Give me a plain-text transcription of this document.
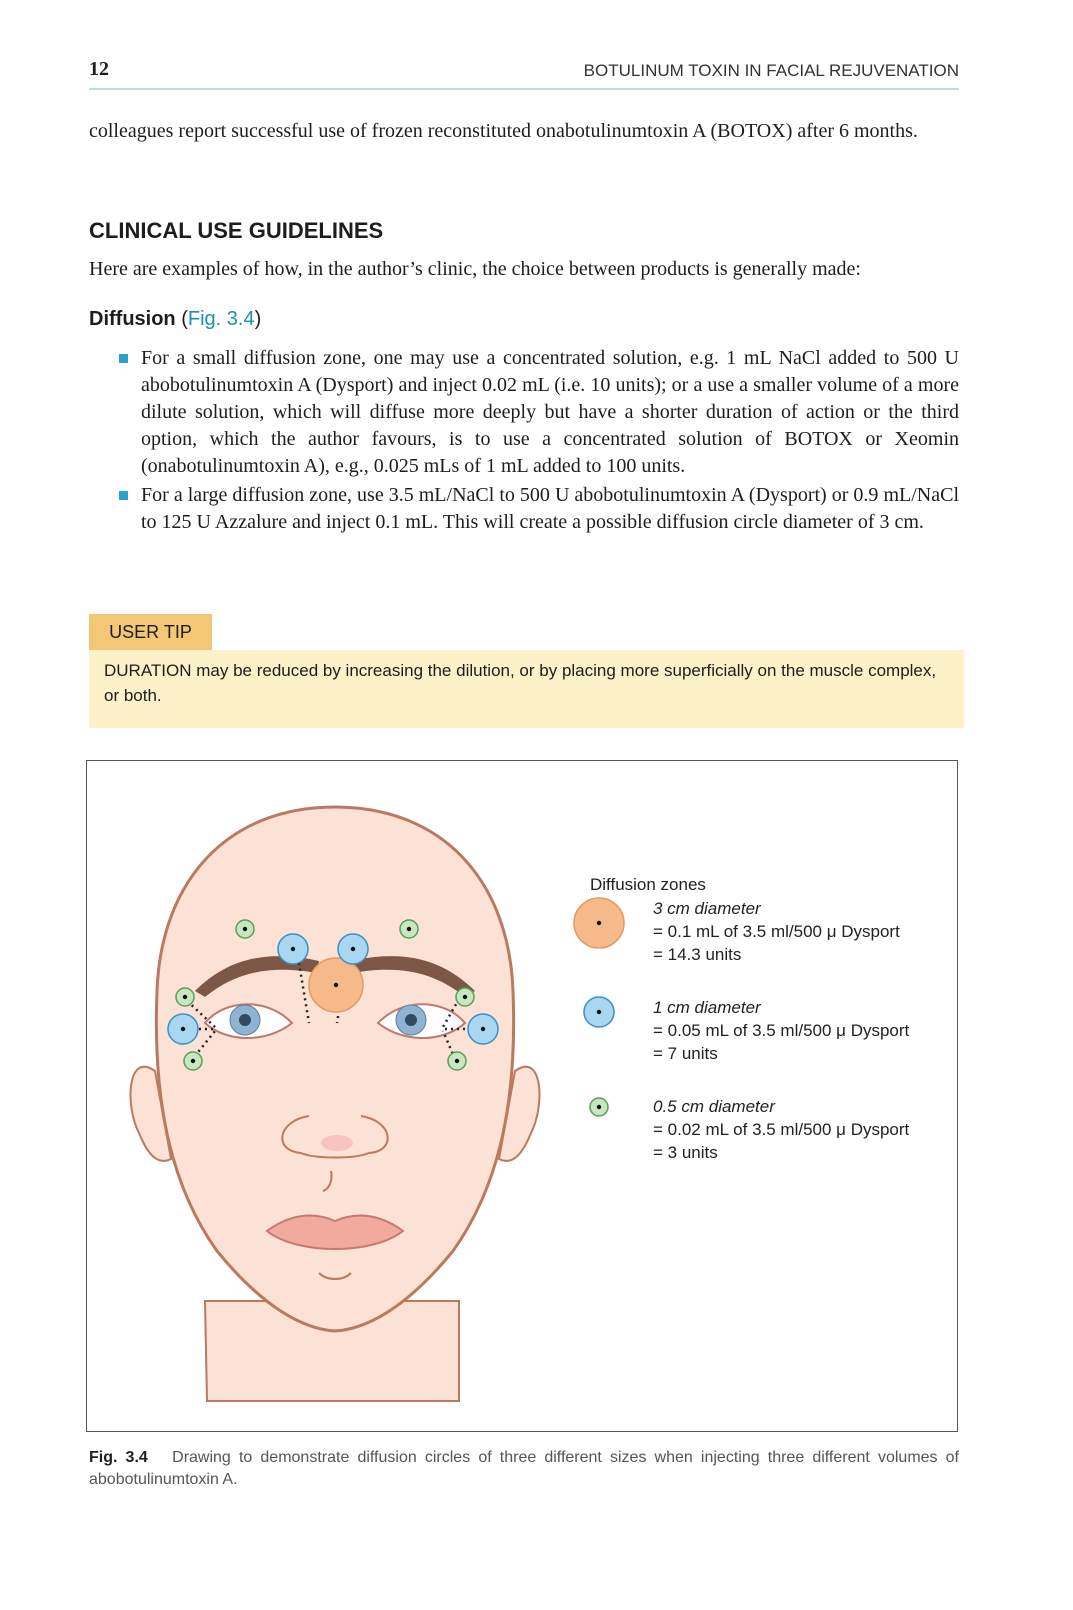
12	BOTULINUM TOXIN IN FACIAL REJUVENATION

colleagues report successful use of frozen reconstituted onabotulinumtoxin A (BOTOX) after 6 months.

CLINICAL USE GUIDELINES

Here are examples of how, in the author’s clinic, the choice between products is generally made:

Diffusion (Fig. 3.4)
For a small diffusion zone, one may use a concentrated solution, e.g. 1 mL NaCl added to 500 U abobotulinumtoxin A (Dysport) and inject 0.02 mL (i.e. 10 units); or a use a smaller volume of a more dilute solution, which will diffuse more deeply but have a shorter duration of action or the third option, which the author favours, is to use a concentrated solution of BOTOX or Xeomin (onabotulinumtoxin A), e.g., 0.025 mLs of 1 mL added to 100 units.
For a large diffusion zone, use 3.5 mL/NaCl to 500 U abobotulinumtoxin A (Dysport) or 0.9 mL/NaCl to 125 U Azzalure and inject 0.1 mL. This will create a possible diffusion circle diameter of 3 cm.
USER TIP
DURATION may be reduced by increasing the dilution, or by placing more superficially on the muscle complex, or both.
Diffusion zones
3 cm diameter
= 0.1 mL of 3.5 ml/500 μ Dysport
= 14.3 units
1 cm diameter
= 0.05 mL of 3.5 ml/500 μ Dysport
= 7 units
0.5 cm diameter
= 0.02 mL of 3.5 ml/500 μ Dysport
= 3 units
Fig. 3.4 Drawing to demonstrate diffusion circles of three different sizes when injecting three different volumes of abobotulinumtoxin A.
